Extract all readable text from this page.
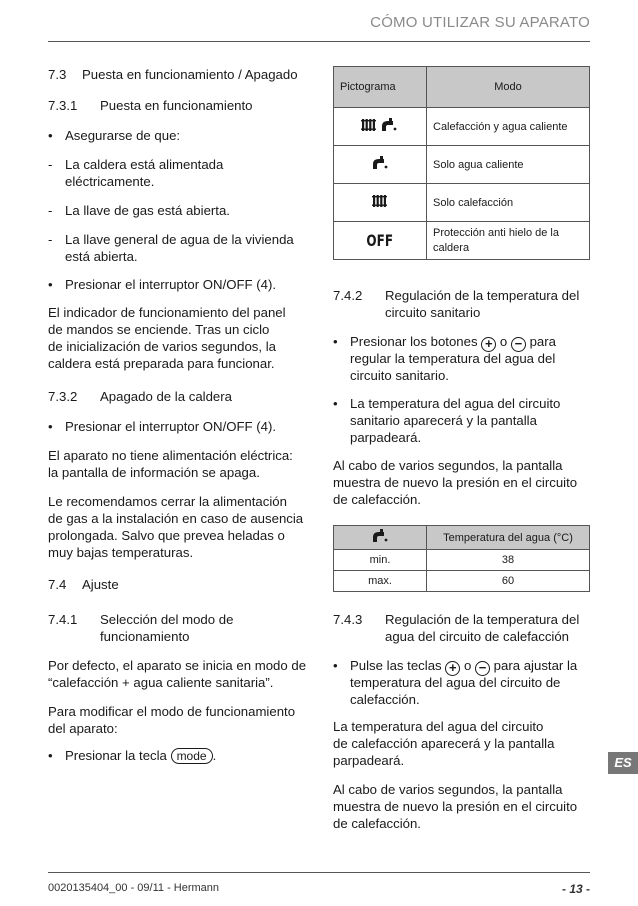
CÓMO UTILIZAR SU APARATO
7.3 Puesta en funcionamiento / Apagado
7.3.1 Puesta en funcionamiento
• Asegurarse de que:
- La caldera está alimentada
eléctricamente.
- La llave de gas está abierta.
- La llave general de agua de la vivienda
está abierta.
• Presionar el interruptor ON/OFF (4).
El indicador de funcionamiento del panel
de mandos se enciende. Tras un ciclo
de inicialización de varios segundos, la
caldera está preparada para funcionar.
7.3.2 Apagado de la caldera
• Presionar el interruptor ON/OFF (4).
El aparato no tiene alimentación eléctrica:
la pantalla de información se apaga.
Le recomendamos cerrar la alimentación
de gas a la instalación en caso de ausencia
prolongada. Salvo que prevea heladas o
muy bajas temperaturas.
7.4 Ajuste
7.4.1 Selección del modo de
funcionamiento
Por defecto, el aparato se inicia en modo de
“calefacción + agua caliente sanitaria”.
Para modificar el modo de funcionamiento
del aparato:
• Presionar la tecla mode .
Pictograma	Modo
	Calefacción y agua caliente
	Solo agua caliente
	Solo calefacción
OFF	Protección anti hielo de la
caldera
7.4.2 Regulación de la temperatura del
circuito sanitario
• Presionar los botones + o − para
regular la temperatura del agua del
circuito sanitario.
• La temperatura del agua del circuito
sanitario aparecerá y la pantalla
parpadeará.
Al cabo de varios segundos, la pantalla
muestra de nuevo la presión en el circuito
de calefacción.
	Temperatura del agua (°C)
min.	38
max.	60
7.4.3 Regulación de la temperatura del
agua del circuito de calefacción
• Pulse las teclas + o − para ajustar la
temperatura del agua del circuito de
calefacción.
La temperatura del agua del circuito
de calefacción aparecerá y la pantalla
parpadeará.
Al cabo de varios segundos, la pantalla
muestra de nuevo la presión en el circuito
de calefacción.
ES
0020135404_00 - 09/11 - Hermann	- 13 -
